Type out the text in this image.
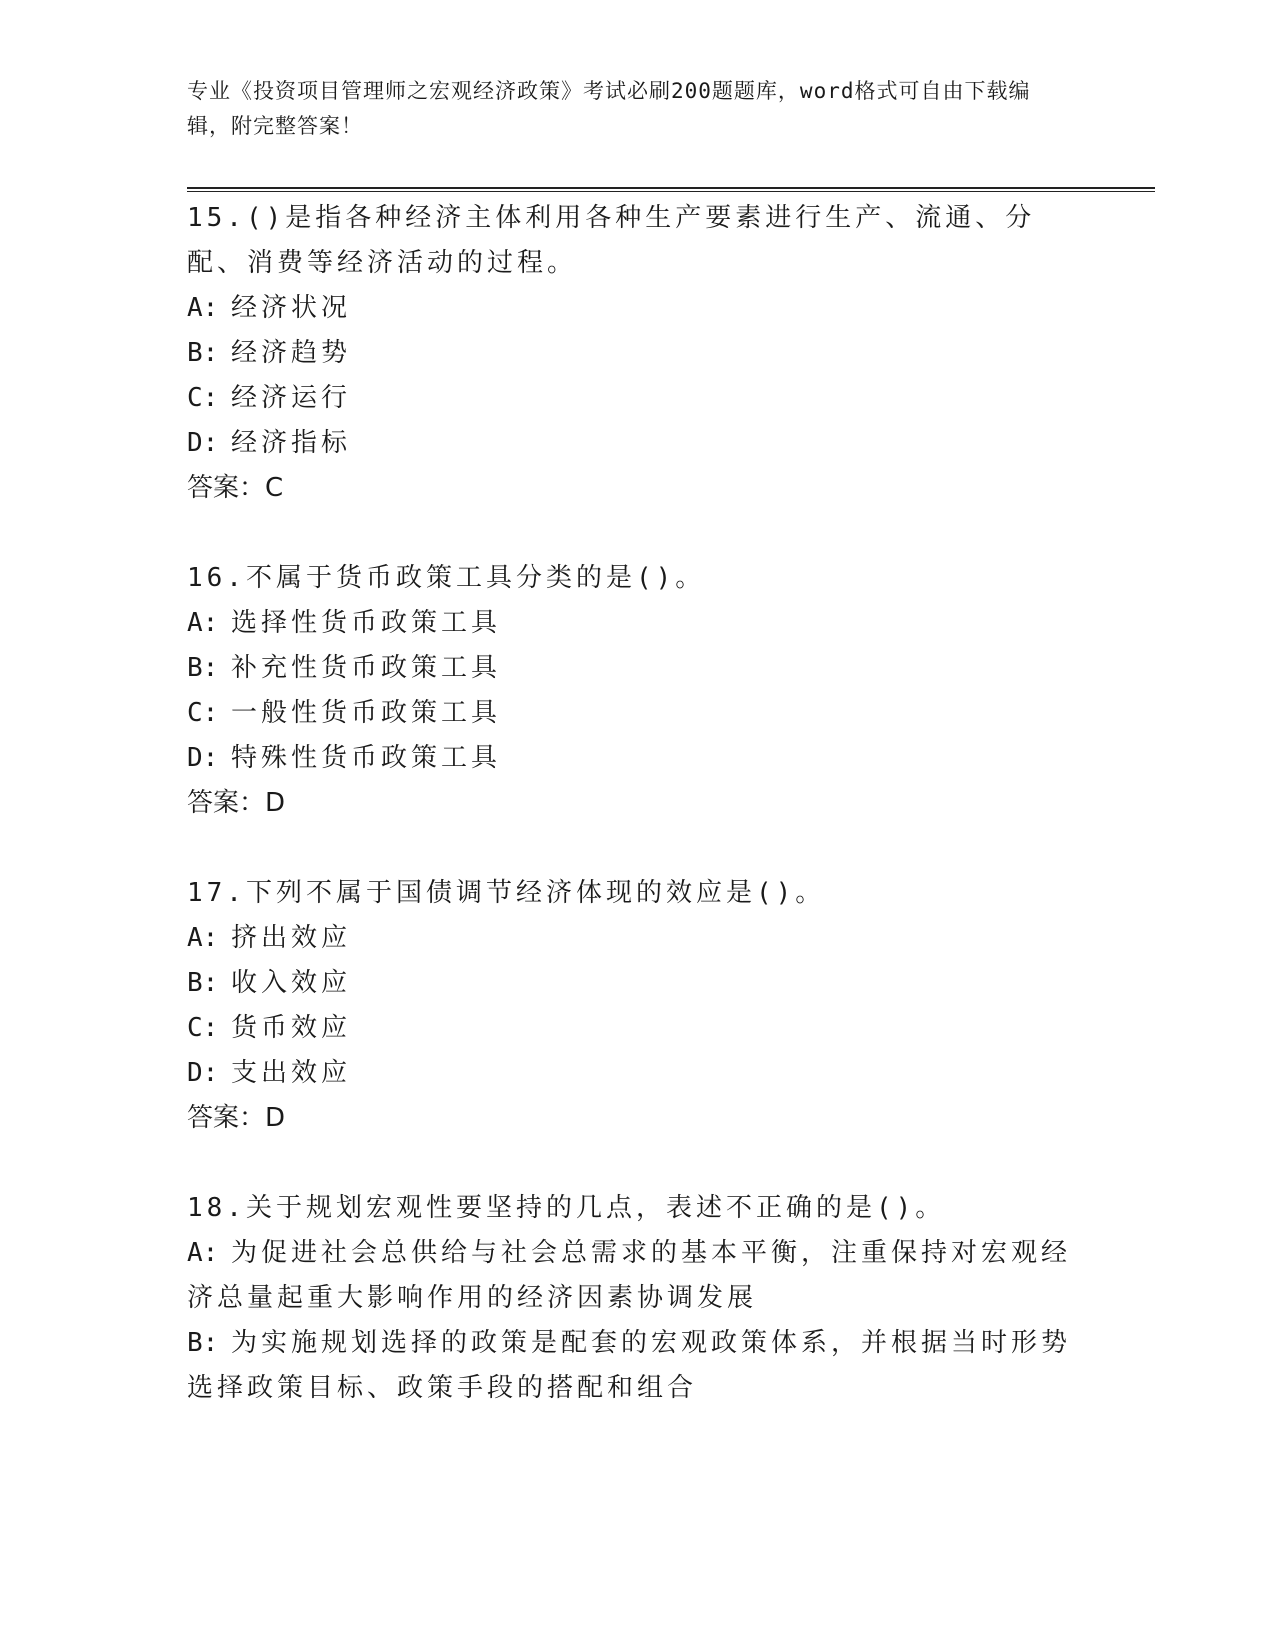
专业《投资项目管理师之宏观经济政策》考试必刷200题题库，word格式可自由下载编辑，附完整答案！

15.()是指各种经济主体利用各种生产要素进行生产、流通、分配、消费等经济活动的过程。

A: 经济状况

B: 经济趋势

C: 经济运行

D: 经济指标

答案：C

16.不属于货币政策工具分类的是()。

A: 选择性货币政策工具

B: 补充性货币政策工具

C: 一般性货币政策工具

D: 特殊性货币政策工具

答案：D

17.下列不属于国债调节经济体现的效应是()。

A: 挤出效应

B: 收入效应

C: 货币效应

D: 支出效应

答案：D

18.关于规划宏观性要坚持的几点，表述不正确的是()。

A: 为促进社会总供给与社会总需求的基本平衡，注重保持对宏观经济总量起重大影响作用的经济因素协调发展

B: 为实施规划选择的政策是配套的宏观政策体系，并根据当时形势选择政策目标、政策手段的搭配和组合
